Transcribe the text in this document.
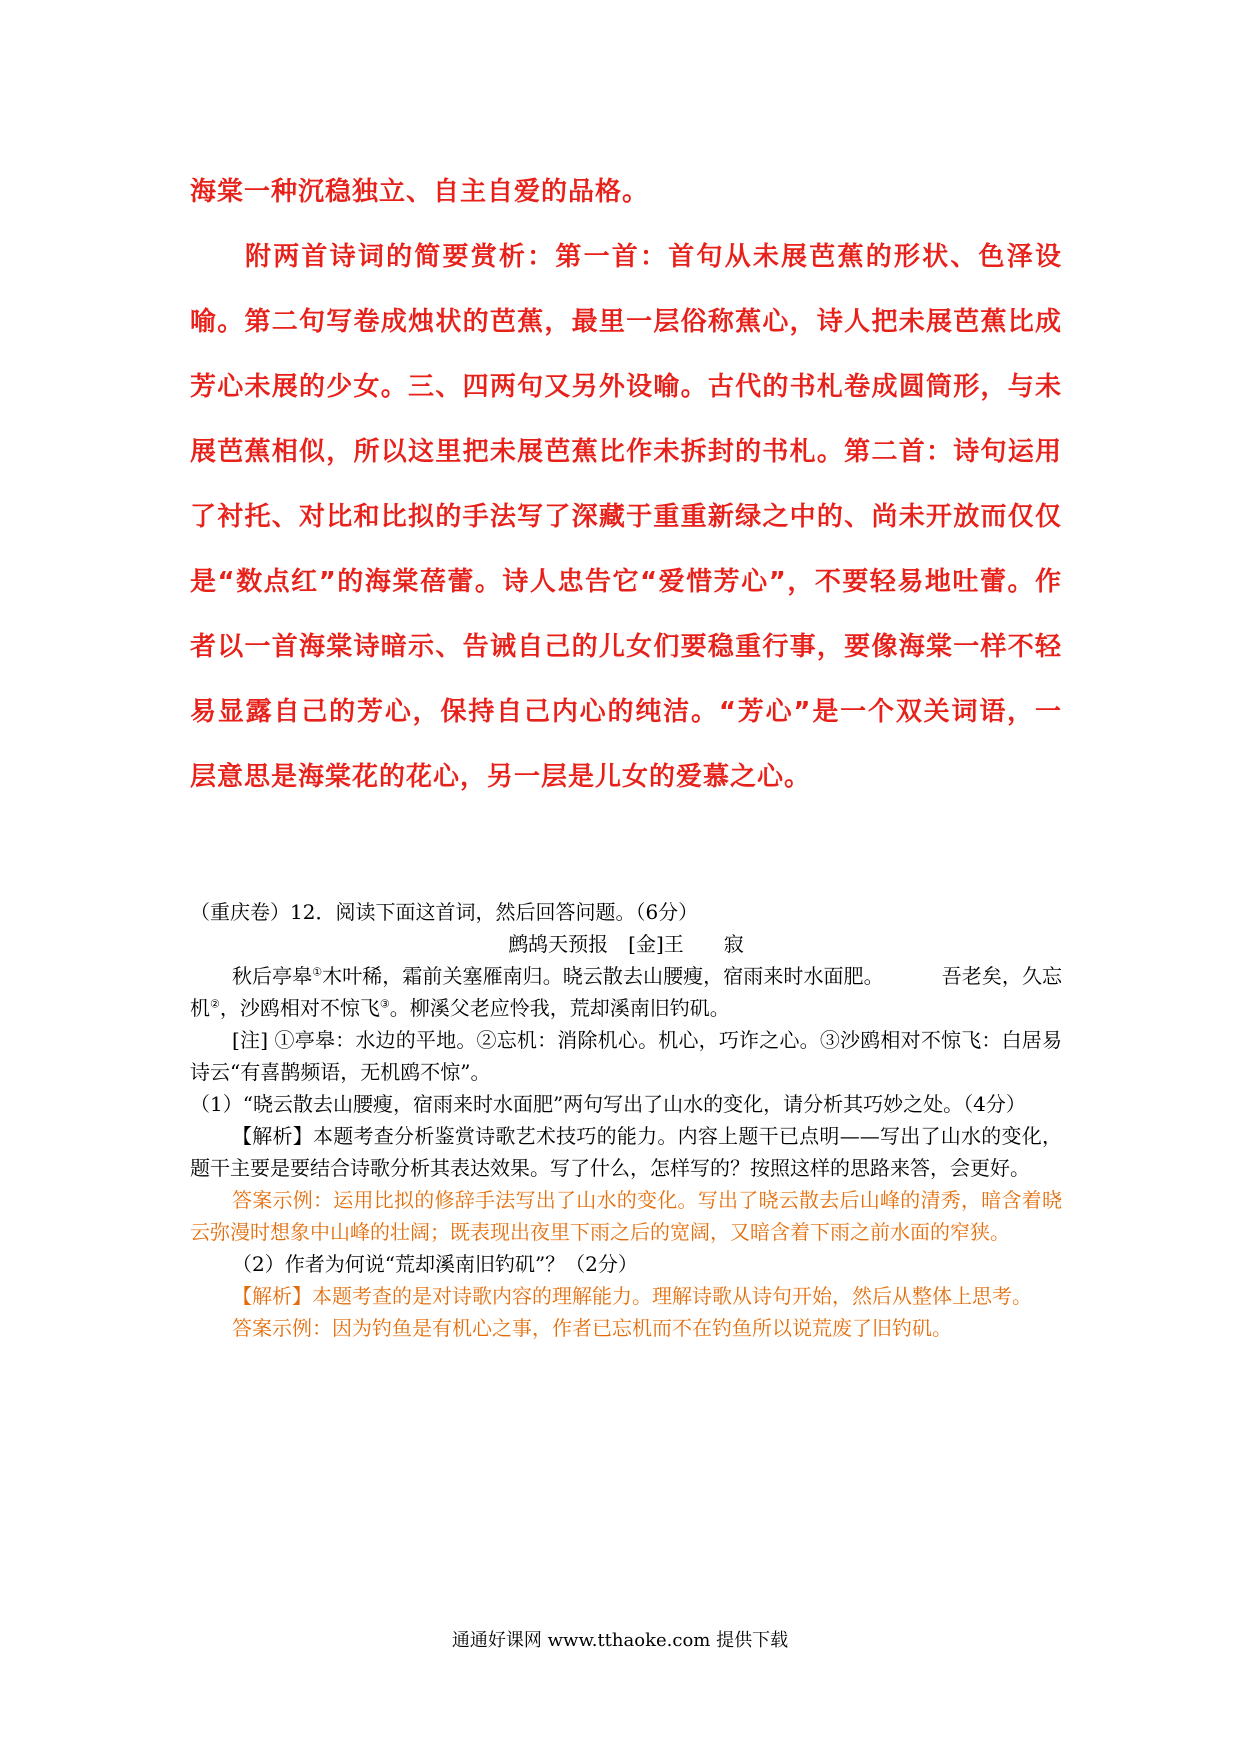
海棠一种沉稳独立、自主自爱的品格。

附两首诗词的简要赏析：第一首：首句从未展芭蕉的形状、色泽设喻。第二句写卷成烛状的芭蕉，最里一层俗称蕉心，诗人把未展芭蕉比成芳心未展的少女。三、四两句又另外设喻。古代的书札卷成圆筒形，与未展芭蕉相似，所以这里把未展芭蕉比作未拆封的书札。第二首：诗句运用了衬托、对比和比拟的手法写了深藏于重重新绿之中的、尚未开放而仅仅是“数点红”的海棠蓓蕾。诗人忠告它“爱惜芳心”，不要轻易地吐蕾。作者以一首海棠诗暗示、告诫自己的儿女们要稳重行事，要像海棠一样不轻易显露自己的芳心，保持自己内心的纯洁。“芳心”是一个双关词语，一层意思是海棠花的花心，另一层是儿女的爱慕之心。

（重庆卷）12．阅读下面这首词，然后回答问题。（6分）

鹧鸪天预报　[金]王　　寂

秋后亭皋①木叶稀，霜前关塞雁南归。晓云散去山腰瘦，宿雨来时水面肥。	吾老矣，久忘机②，沙鸥相对不惊飞③。柳溪父老应怜我，荒却溪南旧钓矶。

[注] ①亭皋：水边的平地。②忘机：消除机心。机心，巧诈之心。③沙鸥相对不惊飞：白居易诗云“有喜鹊频语，无机鸥不惊”。

（1）“晓云散去山腰瘦，宿雨来时水面肥”两句写出了山水的变化，请分析其巧妙之处。（4分）

【解析】本题考查分析鉴赏诗歌艺术技巧的能力。内容上题干已点明——写出了山水的变化，题干主要是要结合诗歌分析其表达效果。写了什么，怎样写的？按照这样的思路来答，会更好。

答案示例：运用比拟的修辞手法写出了山水的变化。写出了晓云散去后山峰的清秀，暗含着晓云弥漫时想象中山峰的壮阔；既表现出夜里下雨之后的宽阔，又暗含着下雨之前水面的窄狭。

（2）作者为何说“荒却溪南旧钓矶”？（2分）

【解析】本题考查的是对诗歌内容的理解能力。理解诗歌从诗句开始，然后从整体上思考。

答案示例：因为钓鱼是有机心之事，作者已忘机而不在钓鱼所以说荒废了旧钓矶。

通通好课网 www.tthaoke.com 提供下载
